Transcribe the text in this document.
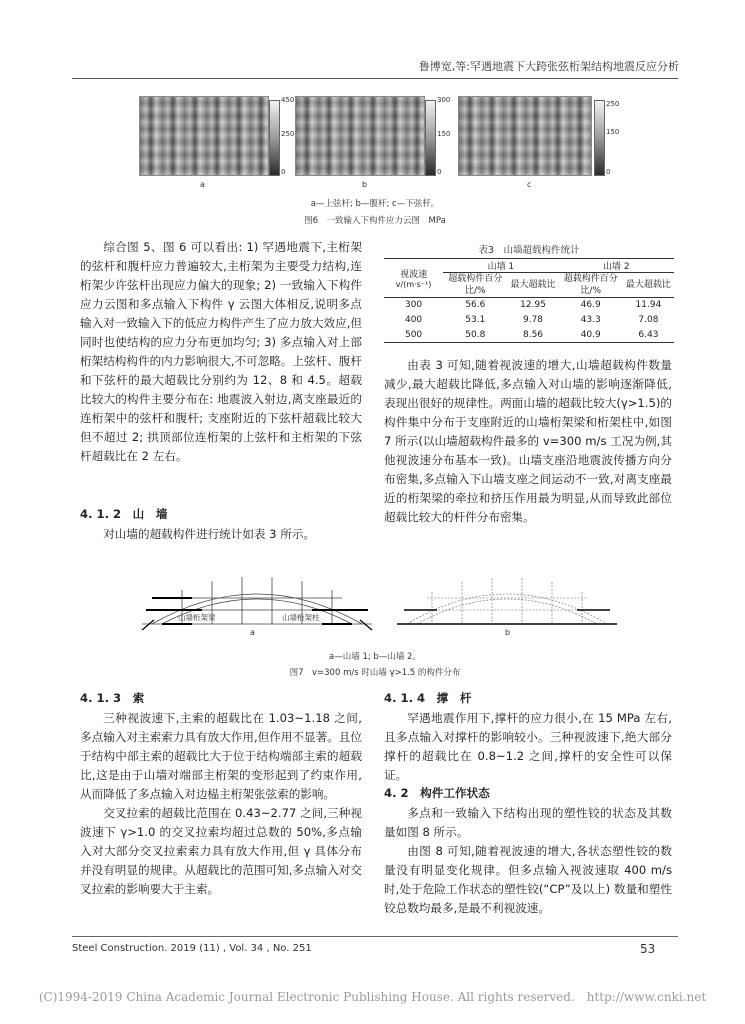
鲁博宽,等:罕遇地震下大跨张弦桁架结构地震反应分析
450
250
0
a
300
150
0
b
250
150
0
c
a—上弦杆; b—腹杆; c—下弦杆。
图6　一致输入下构件应力云图　MPa

综合图 5、图 6 可以看出: 1) 罕遇地震下,主桁架的弦杆和腹杆应力普遍较大,主桁架为主要受力结构,连桁架少许弦杆出现应力偏大的现象; 2) 一致输入下构件应力云图和多点输入下构件 γ 云图大体相反,说明多点输入对一致输入下的低应力构件产生了应力放大效应,但同时也使结构的应力分布更加均匀; 3) 多点输入对上部桁架结构构件的内力影响很大,不可忽略。上弦杆、腹杆和下弦杆的最大超载比分别约为 12、8 和 4.5。超载比较大的构件主要分布在: 地震波入射边,离支座最近的连桁架中的弦杆和腹杆; 支座附近的下弦杆超载比较大但不超过 2; 拱顶部位连桁架的上弦杆和主桁架的下弦杆超载比在 2 左右。

4. 1. 2　山　墙

对山墙的超载构件进行统计如表 3 所示。

表3　山墙超载构件统计
视波速
v/(m·s⁻¹)	山墙 1		山墙 2	
	超载构件百分比/%	最大超载比	超载构件百分比/%	最大超载比
300	56.6	12.95	46.9	11.94
400	53.1	9.78	43.3	7.08
500	50.8	8.56	40.9	6.43

由表 3 可知,随着视波速的增大,山墙超载构件数量减少,最大超载比降低,多点输入对山墙的影响逐渐降低,表现出很好的规律性。两面山墙的超载比较大(γ>1.5)的构件集中分布于支座附近的山墙桁架梁和桁架柱中,如图 7 所示(以山墙超载构件最多的 v=300 m/s 工况为例,其他视波速分布基本一致)。山墙支座沿地震波传播方向分布密集,多点输入下山墙支座之间运动不一致,对离支座最近的桁架梁的牵拉和挤压作用最为明显,从而导致此部位超载比较大的杆件分布密集。

山墙桁架梁	山墙桁架柱
a	b
a—山墙 1; b—山墙 2。
图7　v=300 m/s 时山墙 γ>1.5 的构件分布
4. 1. 3　索

三种视波速下,主索的超载比在 1.03~1.18 之间,多点输入对主索索力具有放大作用,但作用不显著。且位于结构中部主索的超载比大于位于结构端部主索的超载比,这是由于山墙对端部主桁架的变形起到了约束作用,从而降低了多点输入对边榀主桁架张弦索的影响。

交叉拉索的超载比范围在 0.43~2.77 之间,三种视波速下 γ>1.0 的交叉拉索均超过总数的 50%,多点输入对大部分交叉拉索索力具有放大作用,但 γ 具体分布并没有明显的规律。从超载比的范围可知,多点输入对交叉拉索的影响要大于主索。

4. 1. 4　撑　杆

罕遇地震作用下,撑杆的应力很小,在 15 MPa 左右,且多点输入对撑杆的影响较小。三种视波速下,绝大部分撑杆的超载比在 0.8~1.2 之间,撑杆的安全性可以保证。

4. 2　构件工作状态

多点和一致输入下结构出现的塑性铰的状态及其数量如图 8 所示。

由图 8 可知,随着视波速的增大,各状态塑性铰的数量没有明显变化规律。但多点输入视波速取 400 m/s 时,处于危险工作状态的塑性铰(“CP”及以上) 数量和塑性铰总数均最多,是最不利视波速。

Steel Construction. 2019 (11) , Vol. 34 , No. 251	53
(C)1994-2019 China Academic Journal Electronic Publishing House. All rights reserved.　http://www.cnki.net
